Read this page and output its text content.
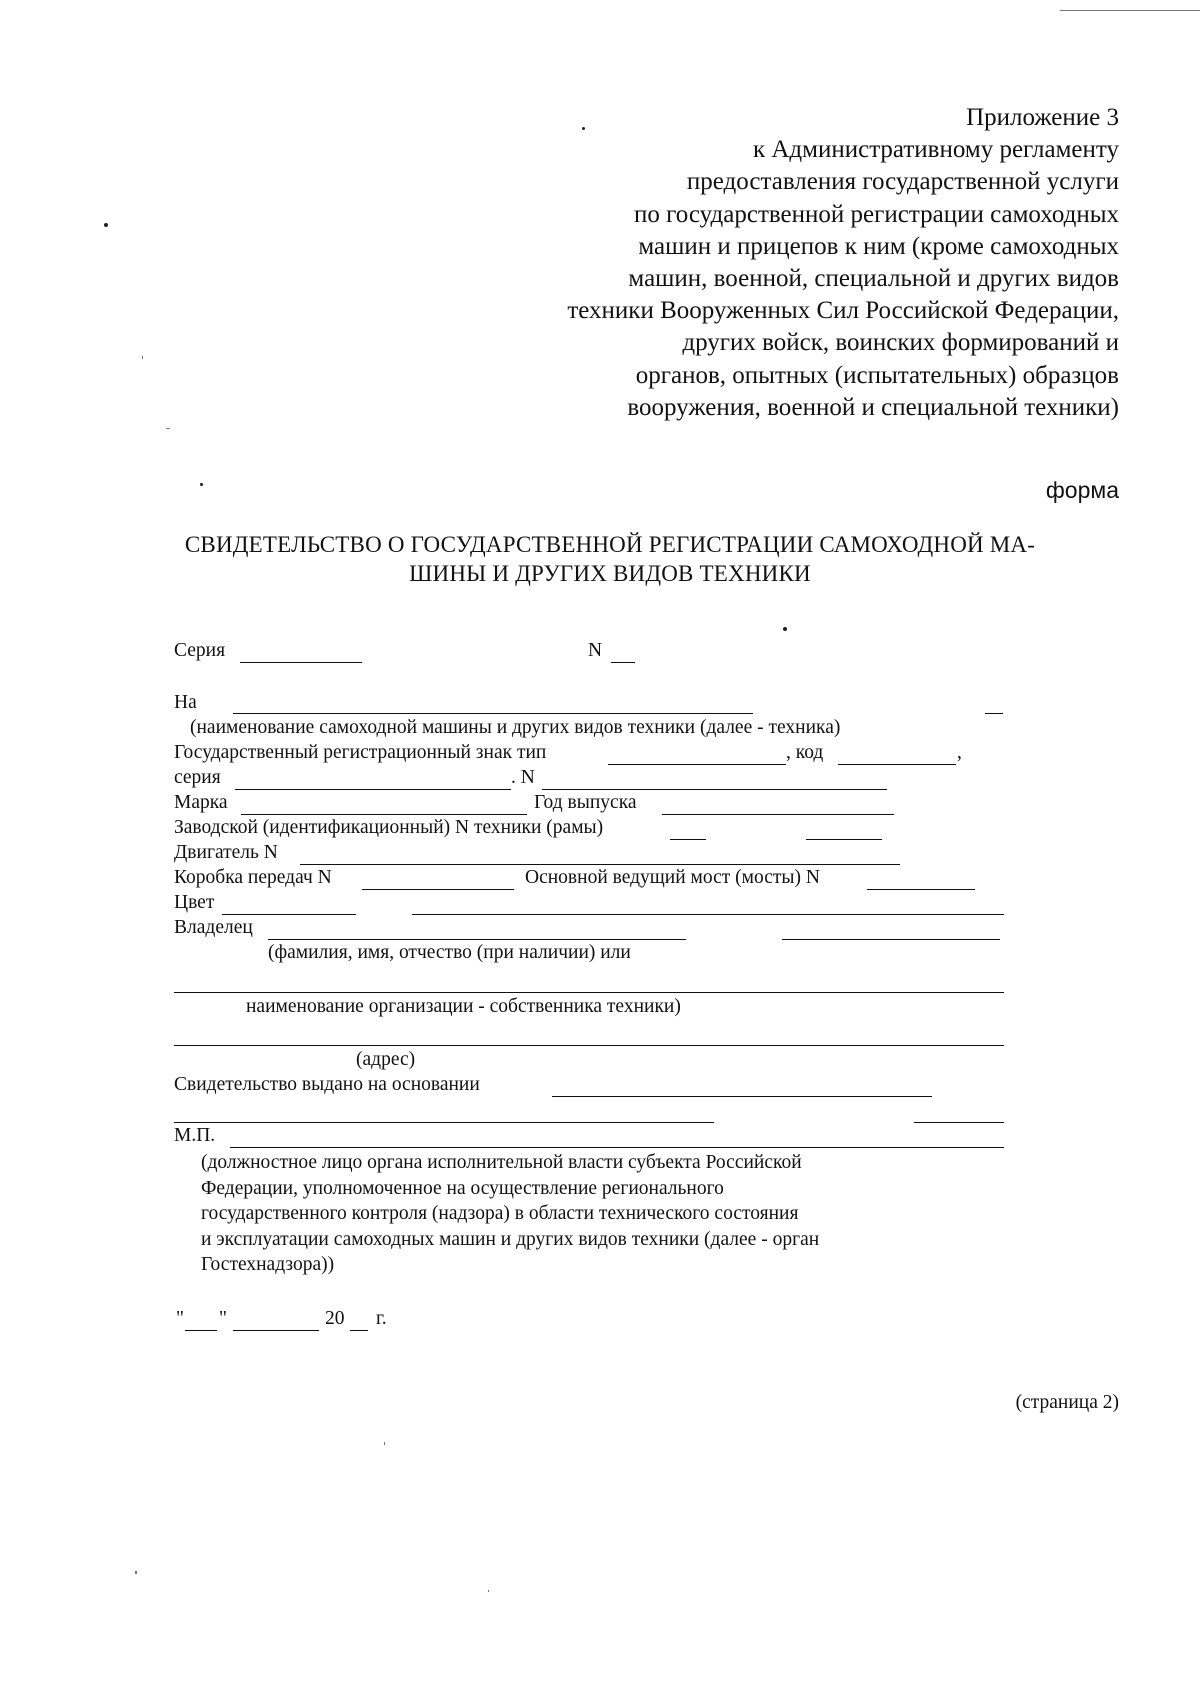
Приложение 3
к Административному регламенту
предоставления государственной услуги
по государственной регистрации самоходных
машин и прицепов к ним (кроме самоходных
машин, военной, специальной и других видов
техники Вооруженных Сил Российской Федерации,
других войск, воинских формирований и
органов, опытных (испытательных) образцов
вооружения, военной и специальной техники)
форма
СВИДЕТЕЛЬСТВО О ГОСУДАРСТВЕННОЙ РЕГИСТРАЦИИ САМОХОДНОЙ МА-
ШИНЫ И ДРУГИХ ВИДОВ ТЕХНИКИ
Серия	N
На
(наименование самоходной машины и других видов техники (далее - техника)
Государственный регистрационный знак тип	, код	,
серия	. N
Марка	Год выпуска
Заводской (идентификационный) N техники (рамы)
Двигатель N
Коробка передач N	Основной ведущий мост (мосты) N
Цвет
Владелец
(фамилия, имя, отчество (при наличии) или
наименование организации - собственника техники)
(адрес)
Свидетельство выдано на основании
М.П.
(должностное лицо органа исполнительной власти субъекта Российской
Федерации, уполномоченное на осуществление регионального
государственного контроля (надзора) в области технического состояния
и эксплуатации самоходных машин и других видов техники (далее - орган
Гостехнадзора))
" "	20 г.
(страница 2)
